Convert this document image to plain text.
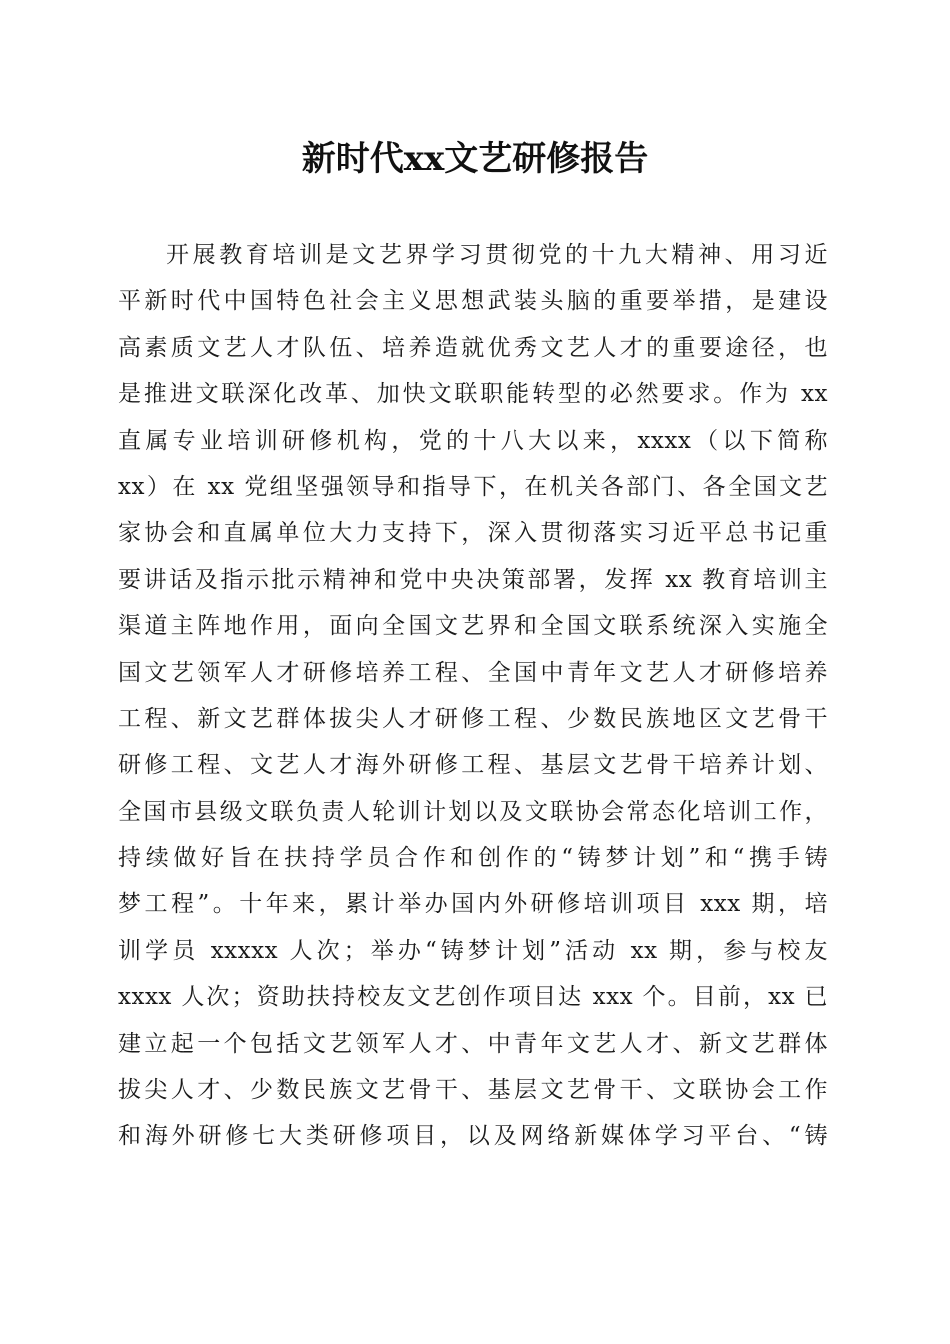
新时代xx文艺研修报告
开展教育培训是文艺界学习贯彻党的十九大精神、用习近
平新时代中国特色社会主义思想武装头脑的重要举措，是建设
高素质文艺人才队伍、培养造就优秀文艺人才的重要途径，也
是推进文联深化改革、加快文联职能转型的必然要求。作为 xx
直属专业培训研修机构，党的十八大以来，xxxx（以下简称
xx）在 xx 党组坚强领导和指导下，在机关各部门、各全国文艺
家协会和直属单位大力支持下，深入贯彻落实习近平总书记重
要讲话及指示批示精神和党中央决策部署，发挥 xx 教育培训主
渠道主阵地作用，面向全国文艺界和全国文联系统深入实施全
国文艺领军人才研修培养工程、全国中青年文艺人才研修培养
工程、新文艺群体拔尖人才研修工程、少数民族地区文艺骨干
研修工程、文艺人才海外研修工程、基层文艺骨干培养计划、
全国市县级文联负责人轮训计划以及文联协会常态化培训工作，
持续做好旨在扶持学员合作和创作的“铸梦计划”和“携手铸
梦工程”。十年来，累计举办国内外研修培训项目 xxx 期，培
训学员 xxxxx 人次；举办“铸梦计划”活动 xx 期，参与校友
xxxx 人次；资助扶持校友文艺创作项目达 xxx 个。目前，xx 已
建立起一个包括文艺领军人才、中青年文艺人才、新文艺群体
拔尖人才、少数民族文艺骨干、基层文艺骨干、文联协会工作
和海外研修七大类研修项目，以及网络新媒体学习平台、“铸
